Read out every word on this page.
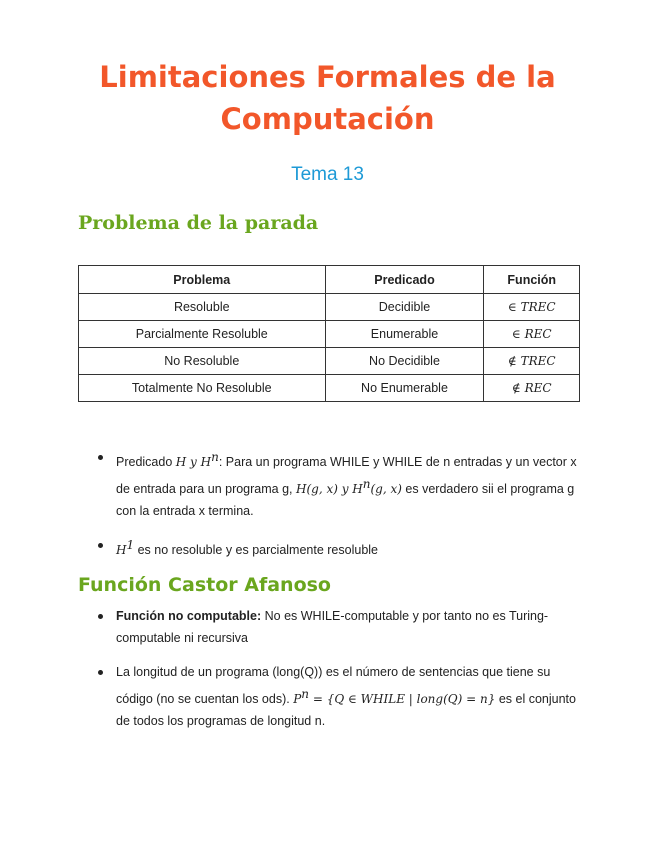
Limitaciones Formales de la
Computación

Tema 13

Problema de la parada
Problema	Predicado	Función
Resoluble	Decidible	∈ TREC
Parcialmente Resoluble	Enumerable	∈ REC
No Resoluble	No Decidible	∉ TREC
Totalmente No Resoluble	No Enumerable	∉ REC
Predicado H y $H^n$: Para un programa WHILE y WHILE de n entradas y un vector x de entrada para un programa g, H(g, x) y $H^n(g$, x) es verdadero sii el programa g con la entrada x termina.
$H^1$ es no resoluble y es parcialmente resoluble
Función Castor Afanoso
Función no computable: No es WHILE-computable y por tanto no es Turing-computable ni recursiva
La longitud de un programa (long(Q)) es el número de sentencias que tiene su código (no se cuentan los ods). $P^n = \{Q$ ∈ WHILE | long(Q) = n} es el conjunto de todos los programas de longitud n.
